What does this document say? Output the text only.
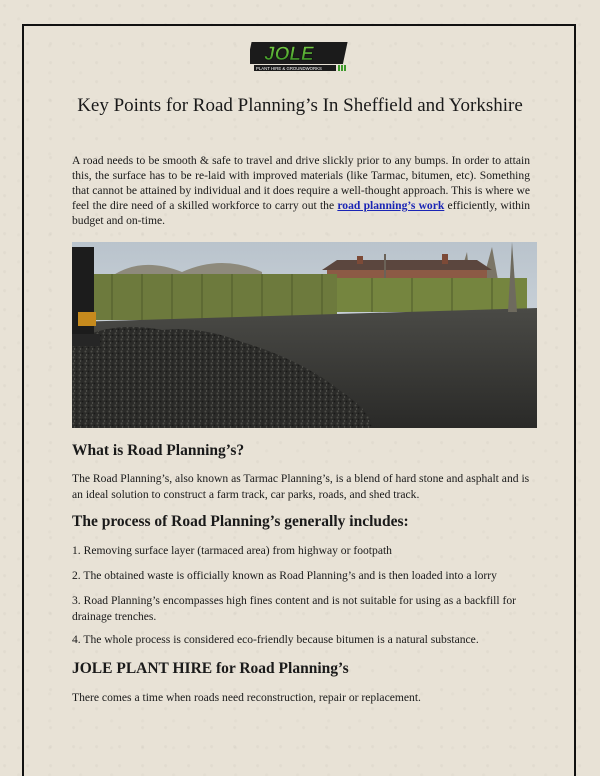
JOLE
PLANT HIRE & GROUNDWORKS
Key Points for Road Planning’s In Sheffield and Yorkshire

A road needs to be smooth & safe to travel and drive slickly prior to any bumps. In order to attain this, the surface has to be re-laid with improved materials (like Tarmac, bitumen, etc). Something that cannot be attained by individual and it does require a well-thought approach. This is where we feel the dire need of a skilled workforce to carry out the road planning’s work efficiently, within budget and on-time.

What is Road Planning’s?

The Road Planning’s, also known as Tarmac Planning’s, is a blend of hard stone and asphalt and is an ideal solution to construct a farm track, car parks, roads, and shed track.

The process of Road Planning’s generally includes:

1. Removing surface layer (tarmaced area) from highway or footpath

2. The obtained waste is officially known as Road Planning’s and is then loaded into a lorry

3. Road Planning’s encompasses high fines content and is not suitable for using as a backfill for drainage trenches.

4. The whole process is considered eco-friendly because bitumen is a natural substance.

JOLE PLANT HIRE for Road Planning’s

There comes a time when roads need reconstruction, repair or replacement.
